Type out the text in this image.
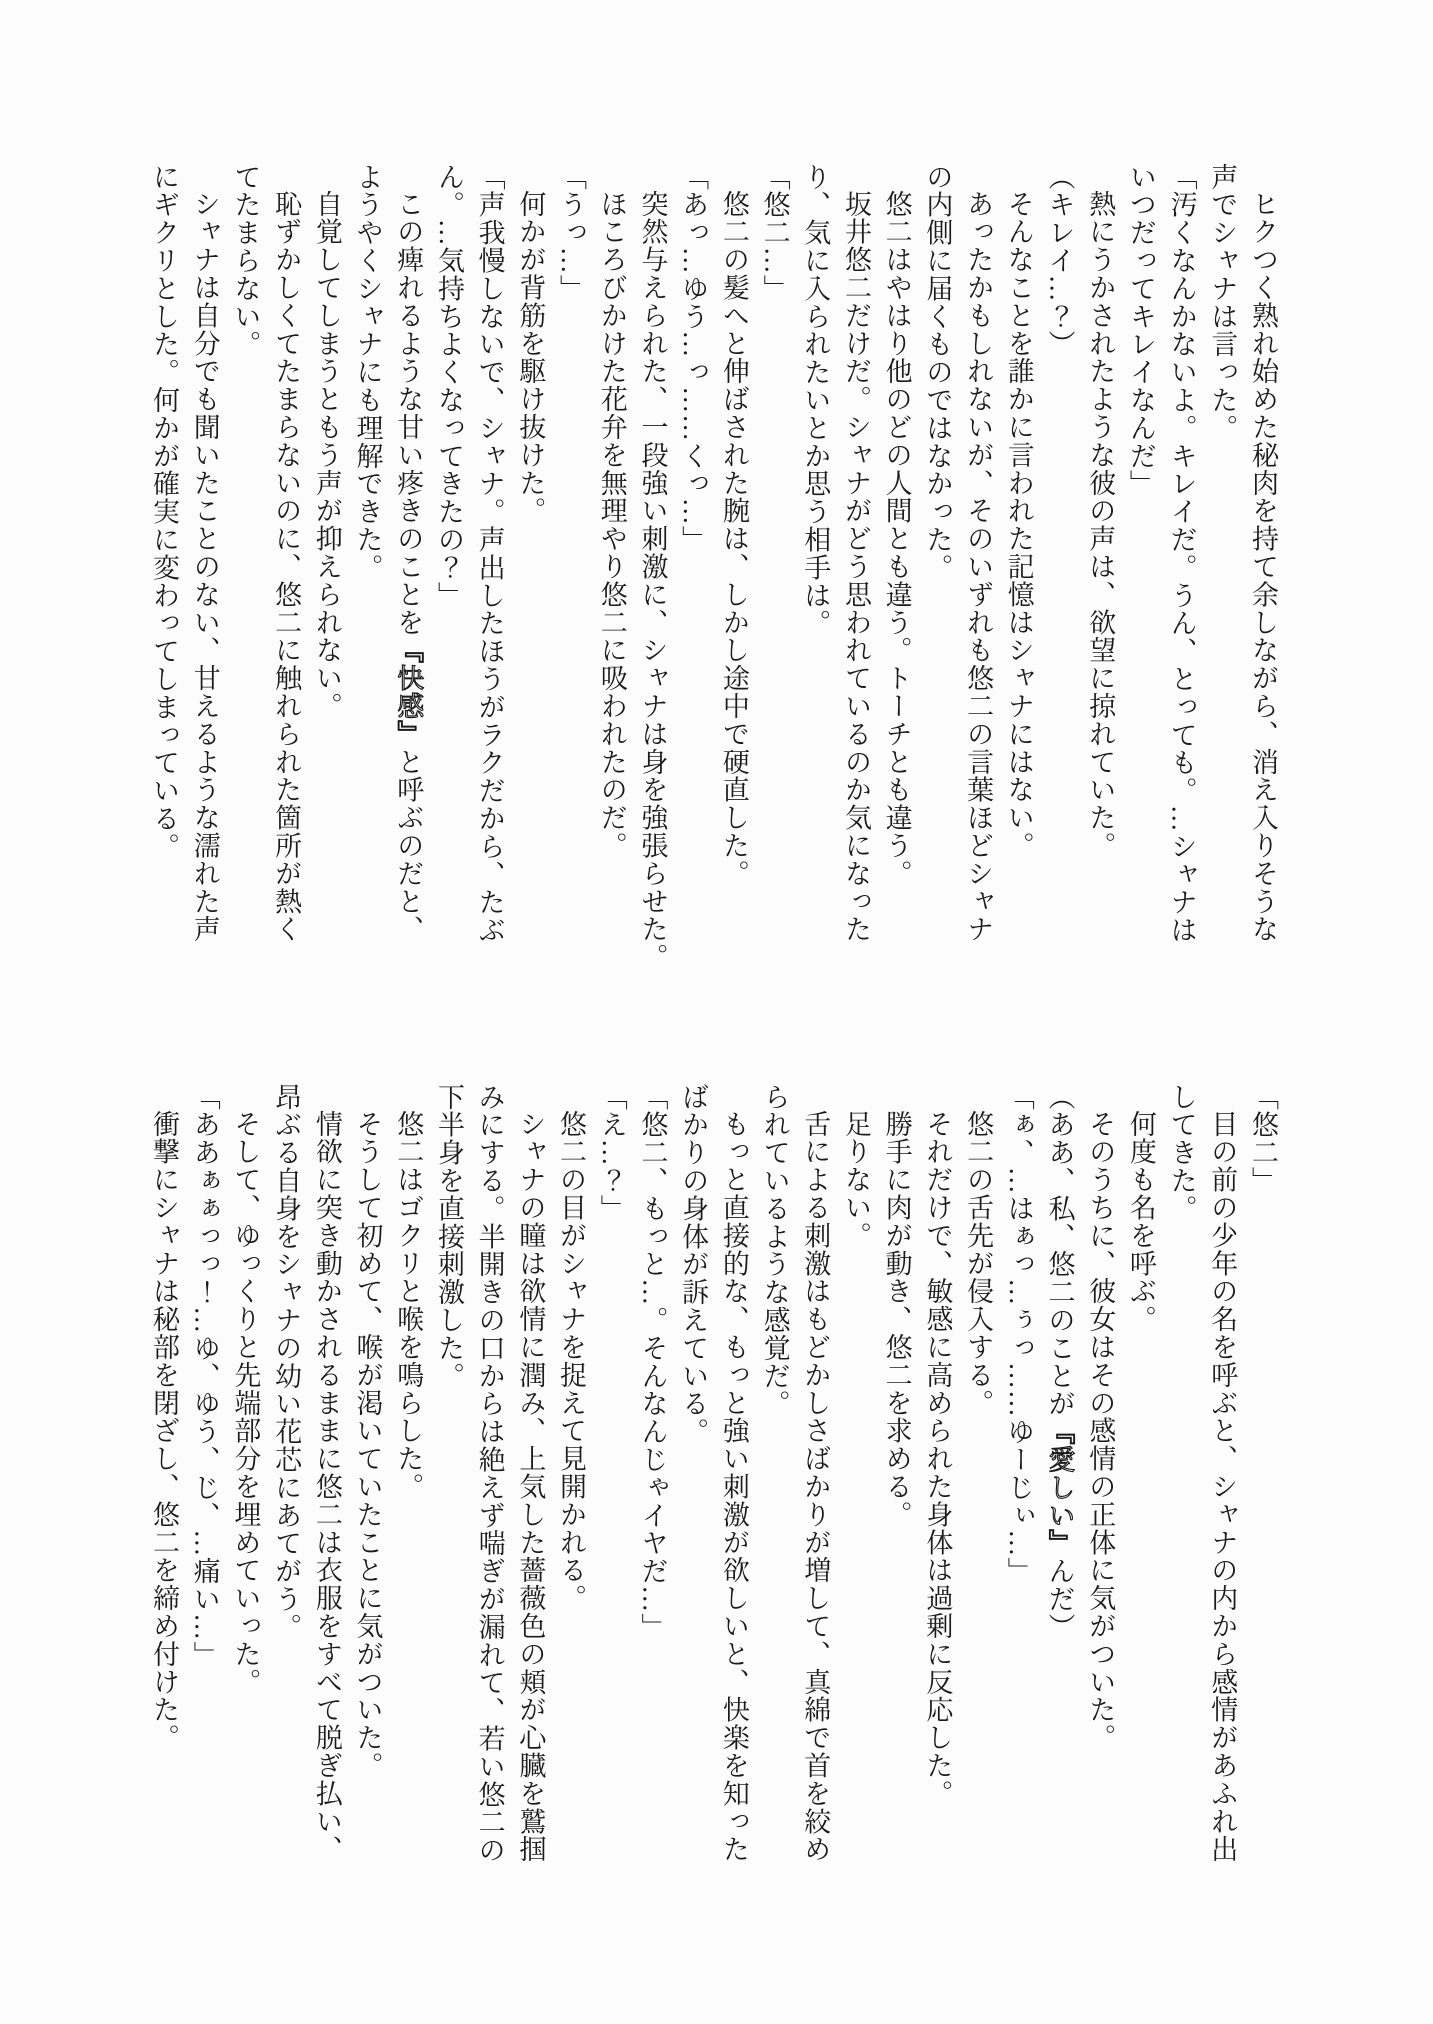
ヒクつく熟れ始めた秘肉を持て余しながら、消え入りそうな

声でシャナは言った。

「汚くなんかないよ。キレイだ。うん、とっても。…シャナは

いつだってキレイなんだ」

熱にうかされたような彼の声は、欲望に掠れていた。

（キレイ…？）

そんなことを誰かに言われた記憶はシャナにはない。

あったかもしれないが、そのいずれも悠二の言葉ほどシャナ

の内側に届くものではなかった。

悠二はやはり他のどの人間とも違う。トーチとも違う。

坂井悠二だけだ。シャナがどう思われているのか気になった

り、気に入られたいとか思う相手は。

「悠二…」

悠二の髪へと伸ばされた腕は、しかし途中で硬直した。

「あっ…ゆう…っ……くっ…」

突然与えられた、一段強い刺激に、シャナは身を強張らせた。

ほころびかけた花弁を無理やり悠二に吸われたのだ。

「うっ…」

何かが背筋を駆け抜けた。

「声我慢しないで、シャナ。声出したほうがラクだから、たぶ

ん。…気持ちよくなってきたの？」

この痺れるような甘い疼きのことを『快感』と呼ぶのだと、

ようやくシャナにも理解できた。

自覚してしまうともう声が抑えられない。

恥ずかしくてたまらないのに、悠二に触れられた箇所が熱く

てたまらない。

シャナは自分でも聞いたことのない、甘えるような濡れた声

にギクリとした。何かが確実に変わってしまっている。

「悠二」

目の前の少年の名を呼ぶと、シャナの内から感情があふれ出

してきた。

何度も名を呼ぶ。

そのうちに、彼女はその感情の正体に気がついた。

（ああ、私、悠二のことが『愛しい』んだ）

「ぁ、…はぁっ…ぅっ……ゆーじぃ…」

悠二の舌先が侵入する。

それだけで、敏感に高められた身体は過剰に反応した。

勝手に肉が動き、悠二を求める。

足りない。

舌による刺激はもどかしさばかりが増して、真綿で首を絞め

られているような感覚だ。

もっと直接的な、もっと強い刺激が欲しいと、快楽を知った

ばかりの身体が訴えている。

「悠二、もっと…。そんなんじゃイヤだ…」

「え…？」

悠二の目がシャナを捉えて見開かれる。

シャナの瞳は欲情に潤み、上気した薔薇色の頬が心臓を鷲掴

みにする。半開きの口からは絶えず喘ぎが漏れて、若い悠二の

下半身を直接刺激した。

悠二はゴクリと喉を鳴らした。

そうして初めて、喉が渇いていたことに気がついた。

情欲に突き動かされるままに悠二は衣服をすべて脱ぎ払い、

昂ぶる自身をシャナの幼い花芯にあてがう。

そして、ゆっくりと先端部分を埋めていった。

「ああぁぁっっ！…ゆ、ゆう、じ、…痛い…」

衝撃にシャナは秘部を閉ざし、悠二を締め付けた。
